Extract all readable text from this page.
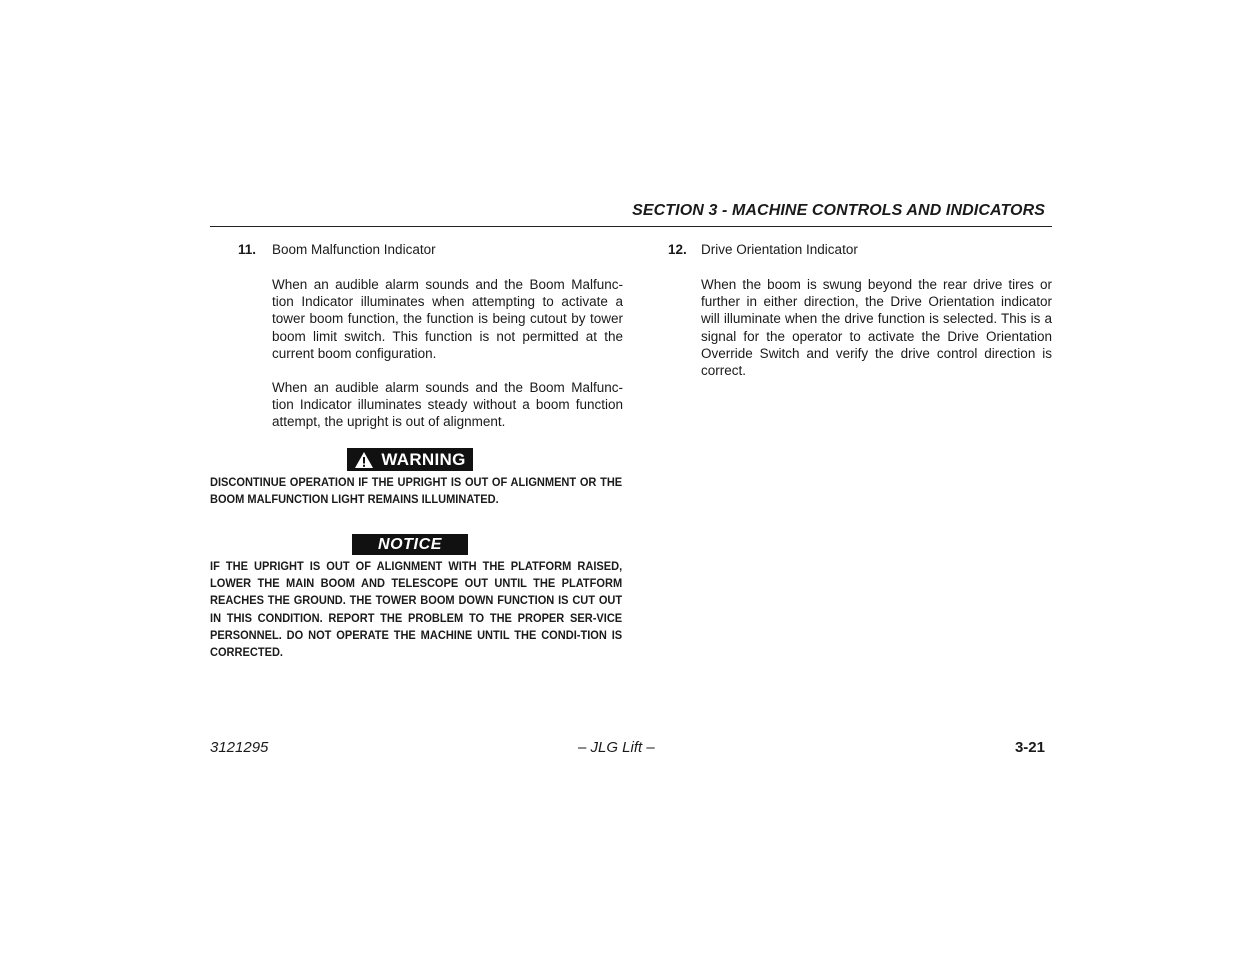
SECTION 3 - MACHINE CONTROLS AND INDICATORS
11. Boom Malfunction Indicator
When an audible alarm sounds and the Boom Malfunc-tion Indicator illuminates when attempting to activate a tower boom function, the function is being cutout by tower boom limit switch. This function is not permitted at the current boom configuration.
When an audible alarm sounds and the Boom Malfunc-tion Indicator illuminates steady without a boom function attempt, the upright is out of alignment.
WARNING
DISCONTINUE OPERATION IF THE UPRIGHT IS OUT OF ALIGNMENT OR THE BOOM MALFUNCTION LIGHT REMAINS ILLUMINATED.
NOTICE
IF THE UPRIGHT IS OUT OF ALIGNMENT WITH THE PLATFORM RAISED, LOWER THE MAIN BOOM AND TELESCOPE OUT UNTIL THE PLATFORM REACHES THE GROUND. THE TOWER BOOM DOWN FUNCTION IS CUT OUT IN THIS CONDITION. REPORT THE PROBLEM TO THE PROPER SER-VICE PERSONNEL. DO NOT OPERATE THE MACHINE UNTIL THE CONDI-TION IS CORRECTED.
12. Drive Orientation Indicator
When the boom is swung beyond the rear drive tires or further in either direction, the Drive Orientation indicator will illuminate when the drive function is selected. This is a signal for the operator to activate the Drive Orientation Override Switch and verify the drive control direction is correct.
3121295	– JLG Lift –	3-21
